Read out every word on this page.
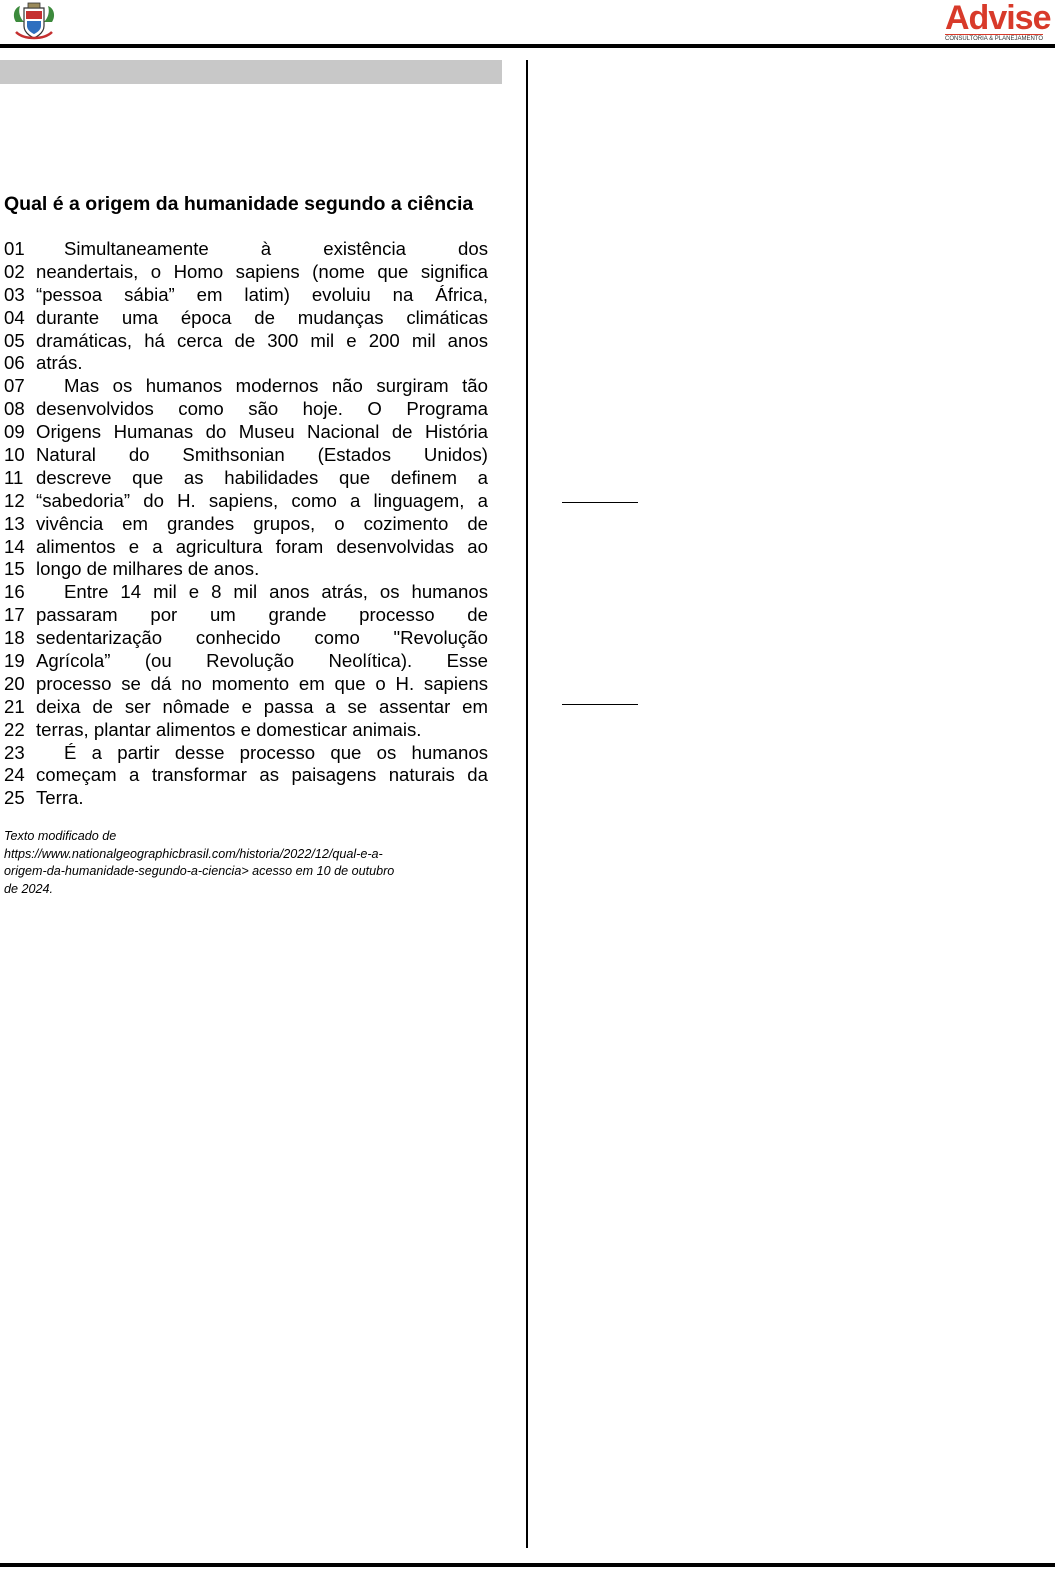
Advise
CONSULTORIA & PLANEJAMENTO
Qual é a origem da humanidade segundo a ciência
01	Simultaneamente à existência dos
02 neandertais, o Homo sapiens (nome que significa
03 “pessoa sábia” em latim) evoluiu na África,
04 durante uma época de mudanças climáticas
05 dramáticas, há cerca de 300 mil e 200 mil anos
06 atrás.
07	Mas os humanos modernos não surgiram tão
08 desenvolvidos como são hoje. O Programa
09 Origens Humanas do Museu Nacional de História
10 Natural do Smithsonian (Estados Unidos)
11 descreve que as habilidades que definem a
12 “sabedoria” do H. sapiens, como a linguagem, a
13 vivência em grandes grupos, o cozimento de
14 alimentos e a agricultura foram desenvolvidas ao
15 longo de milhares de anos.
16	Entre 14 mil e 8 mil anos atrás, os humanos
17 passaram por um grande processo de
18 sedentarização conhecido como "Revolução
19 Agrícola” (ou Revolução Neolítica). Esse
20 processo se dá no momento em que o H. sapiens
21 deixa de ser nômade e passa a se assentar em
22 terras, plantar alimentos e domesticar animais.
23	É a partir desse processo que os humanos
24 começam a transformar as paisagens naturais da
25 Terra.
Texto modificado de
https://www.nationalgeographicbrasil.com/historia/2022/12/qual-e-a-
origem-da-humanidade-segundo-a-ciencia> acesso em 10 de outubro
de 2024.
